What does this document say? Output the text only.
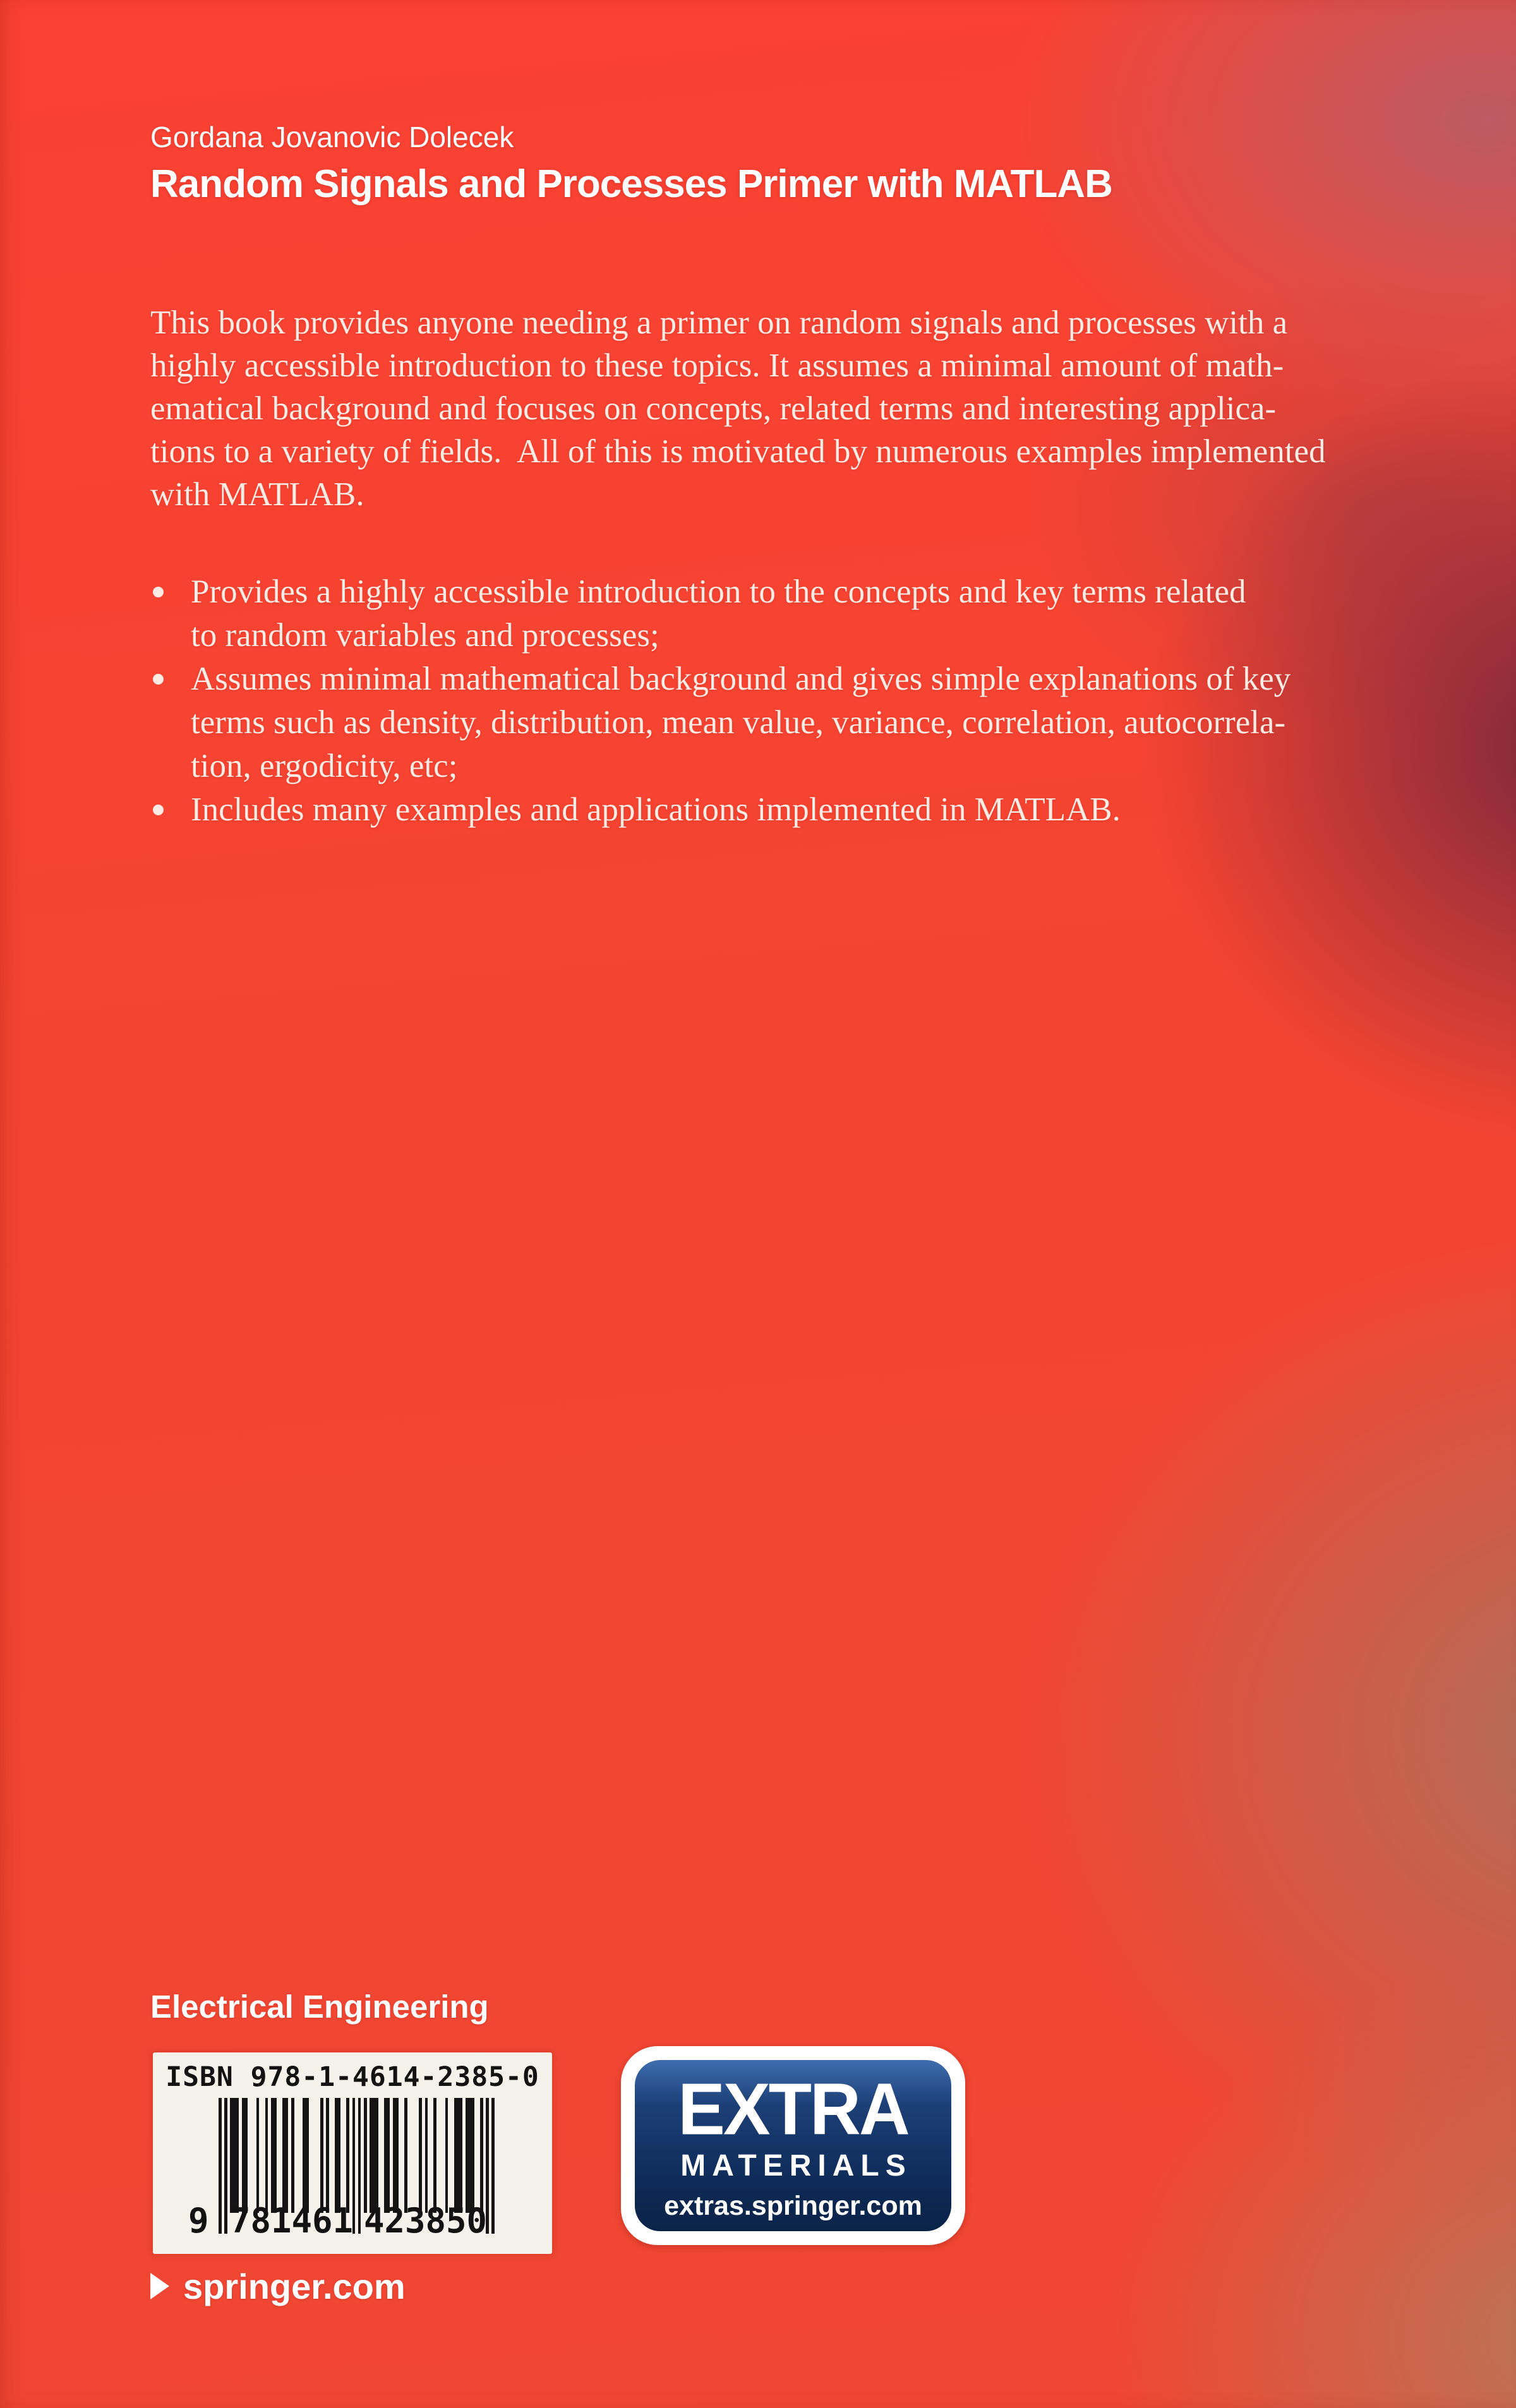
Gordana Jovanovic Dolecek
Random Signals and Processes Primer with MATLAB
This book provides anyone needing a primer on random signals and processes with a
highly accessible introduction to these topics. It assumes a minimal amount of math-
ematical background and focuses on concepts, related terms and interesting applica-
tions to a variety of fields.  All of this is motivated by numerous examples implemented
with MATLAB.
Provides a highly accessible introduction to the concepts and key terms related
to random variables and processes;
Assumes minimal mathematical background and gives simple explanations of key
terms such as density, distribution, mean value, variance, correlation, autocorrela-
tion, ergodicity, etc;
Includes many examples and applications implemented in MATLAB.
Electrical Engineering
ISBN 978-1-4614-2385-0
9 781461 423850
EXTRA
MATERIALS
extras.springer.com
springer.com
